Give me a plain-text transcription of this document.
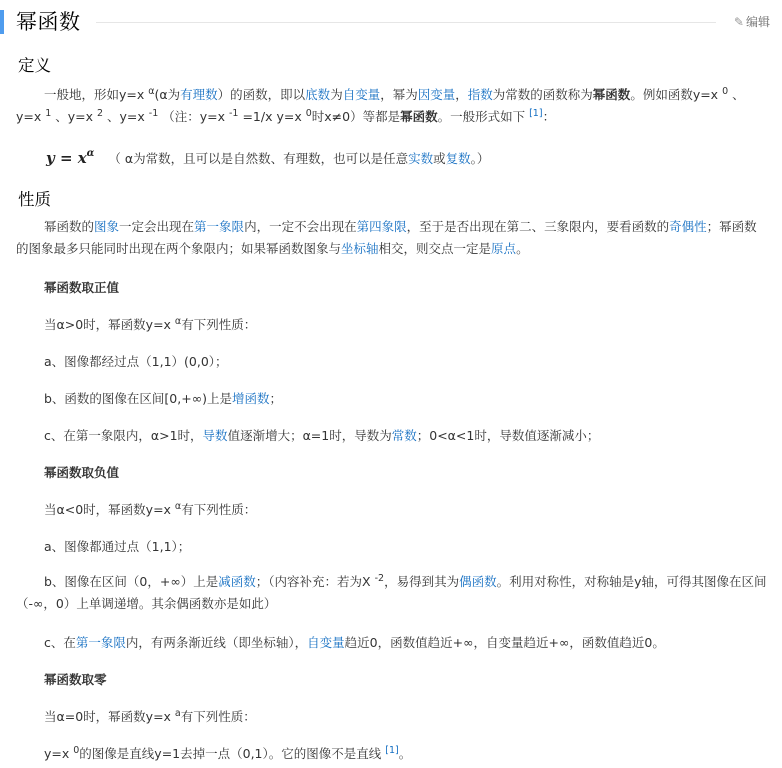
幂函数	✎ 编辑
定义
一般地，形如y=x $^\alpha$(α为有理数）的函数，即以底数为自变量，幂为因变量，指数为常数的函数称为幂函数。例如函数y=x $^0$ 、y=x $^1$ 、y=x $^2$ 、y=x $^{-1}$ （注：y=x $^{-1}$ =1/x y=x $^0$时x≠0）等都是幂函数。一般形式如下 [1]：
$y = x^\alpha$ （ α为常数，且可以是自然数、有理数，也可以是任意实数或复数。）
性质
幂函数的图象一定会出现在第一象限内，一定不会出现在第四象限，至于是否出现在第二、三象限内，要看函数的奇偶性；幂函数的图象最多只能同时出现在两个象限内；如果幂函数图象与坐标轴相交，则交点一定是原点。
幂函数取正值
当α>0时，幂函数y=x $^\alpha$有下列性质：
a、图像都经过点（1,1）(0,0）；
b、函数的图像在区间[0,+∞)上是增函数；
c、在第一象限内，α>1时，导数值逐渐增大；α=1时，导数为常数；0<α<1时，导数值逐渐减小；
幂函数取负值
当α<0时，幂函数y=x $^\alpha$有下列性质：
a、图像都通过点（1,1）；
b、图像在区间（0，+∞）上是减函数；（内容补充：若为X $^{-2}$，易得到其为偶函数。利用对称性，对称轴是y轴，可得其图像在区间（-∞，0）上单调递增。其余偶函数亦是如此）
c、在第一象限内，有两条渐近线（即坐标轴），自变量趋近0，函数值趋近+∞，自变量趋近+∞，函数值趋近0。
幂函数取零
当α=0时，幂函数y=x $^a$有下列性质：
y=x $^0$的图像是直线y=1去掉一点（0,1）。它的图像不是直线 [1]。
